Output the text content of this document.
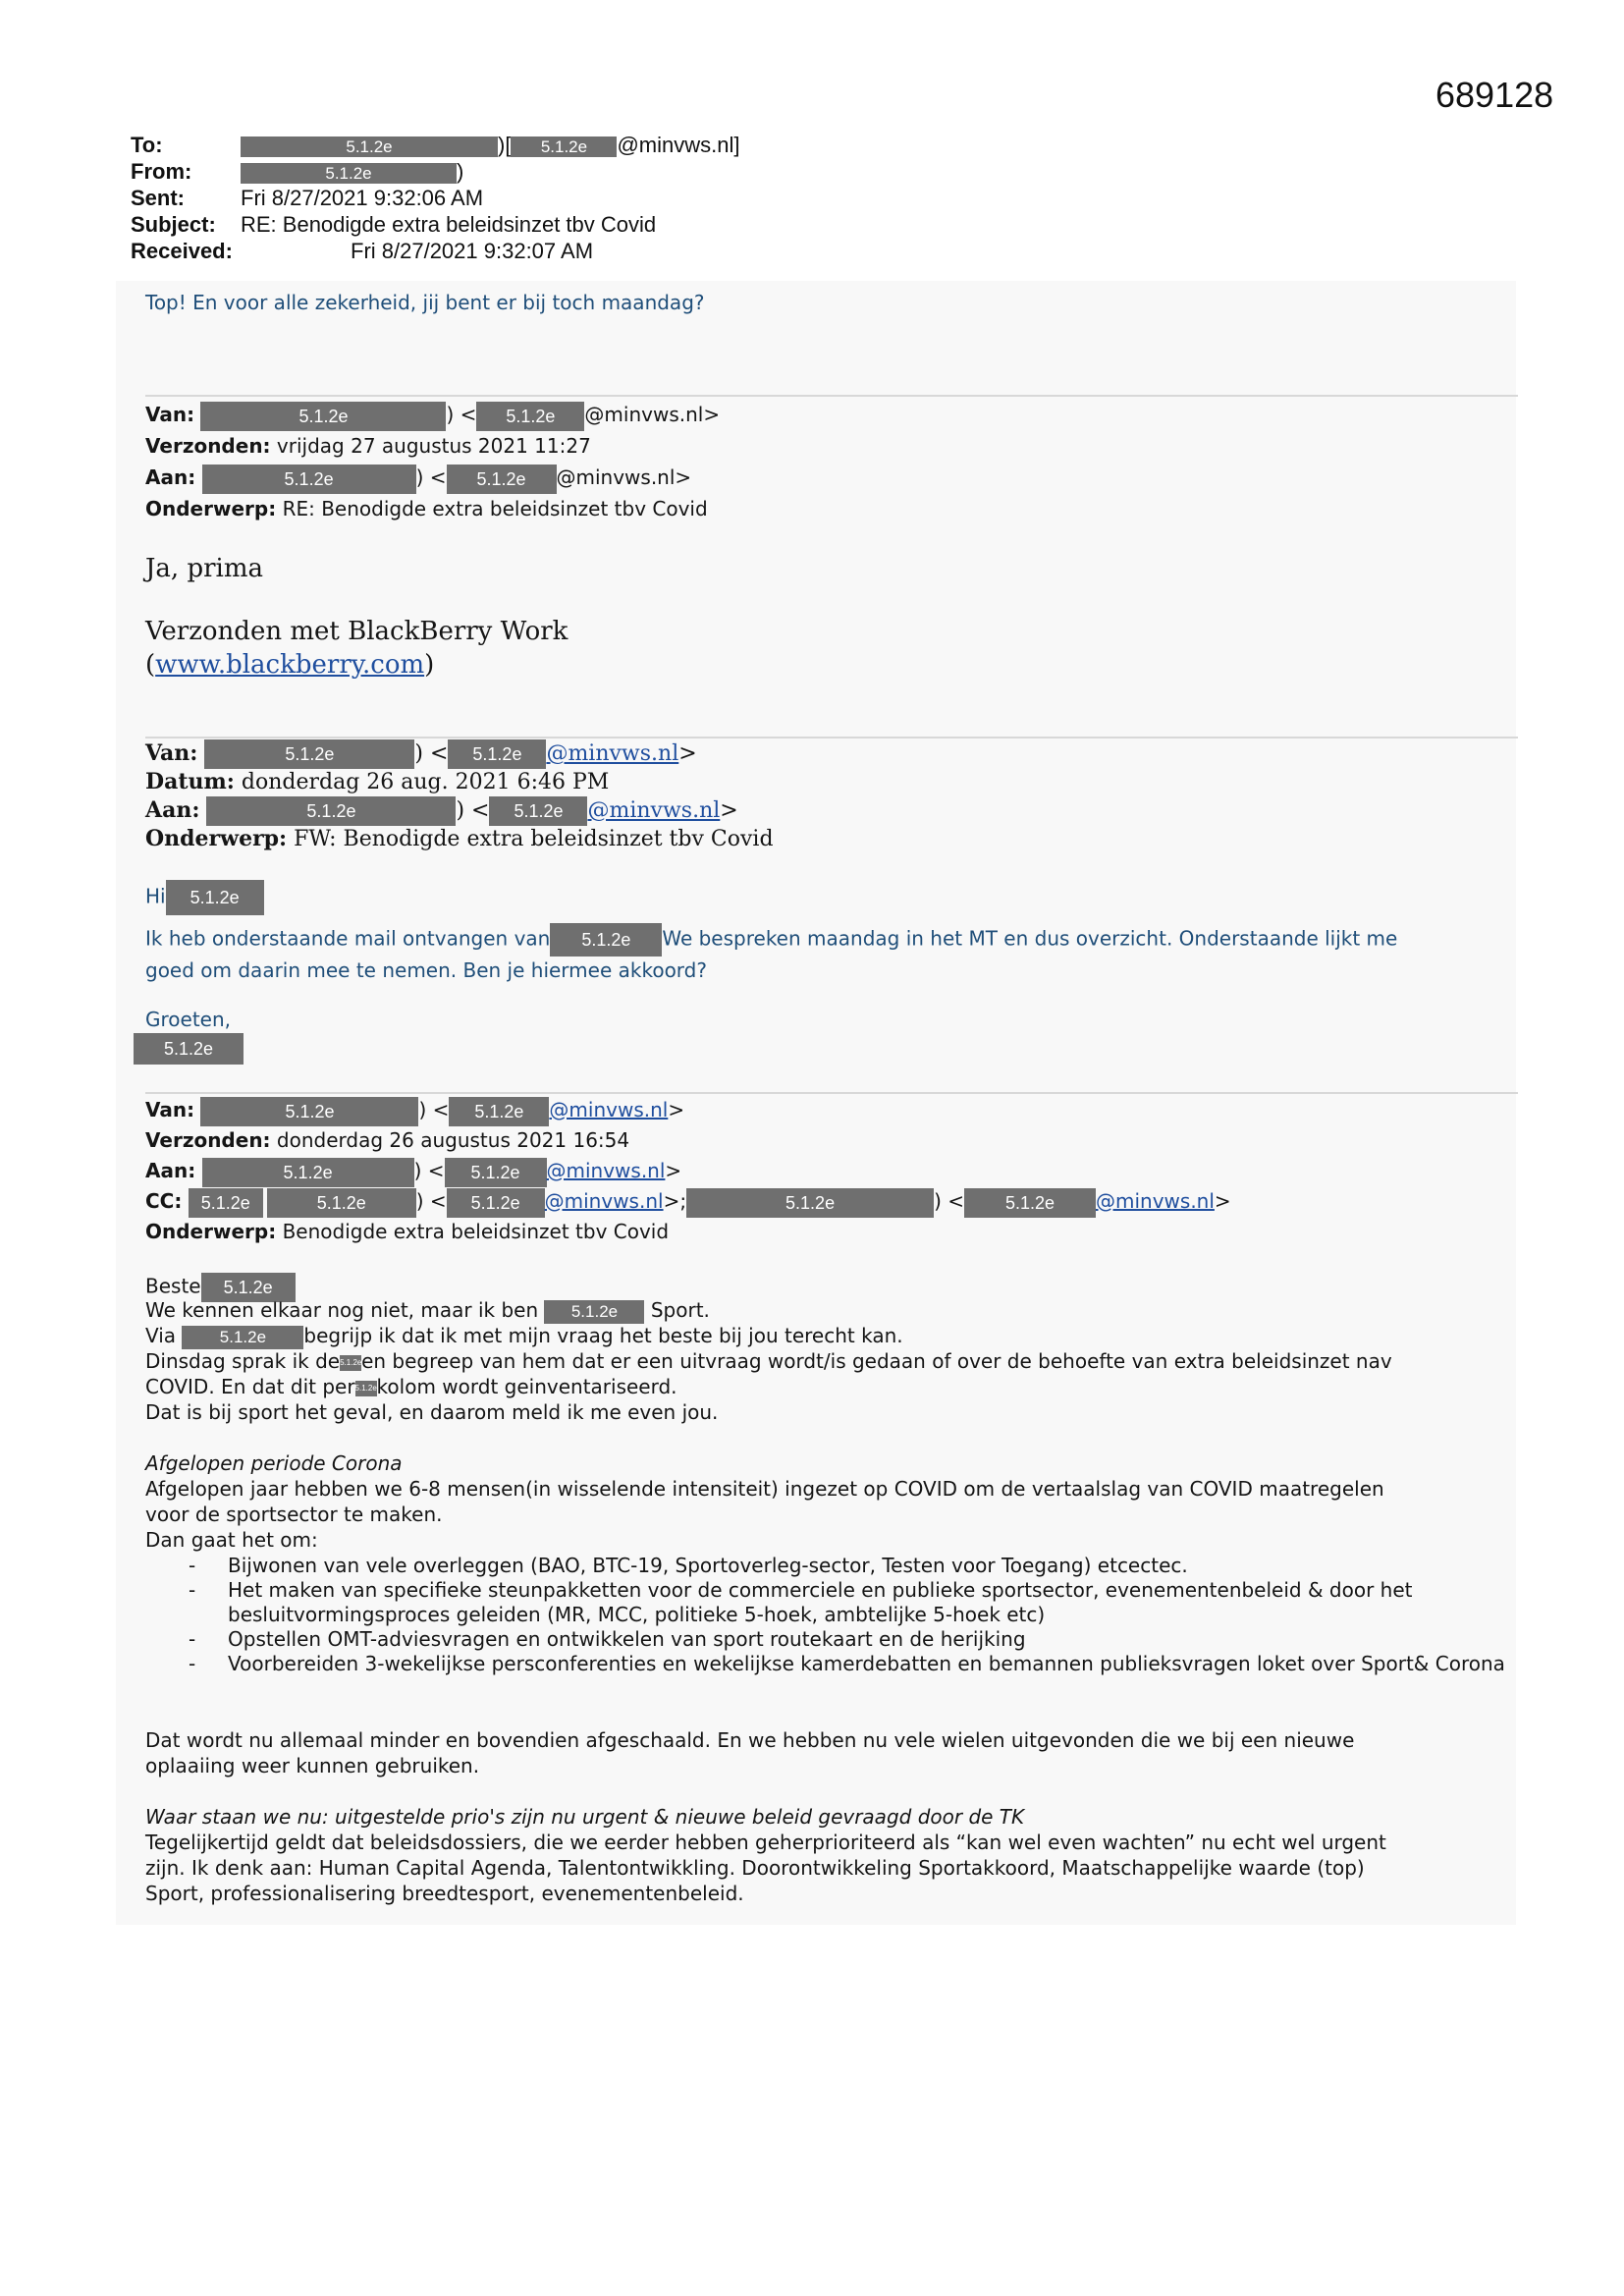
689128
To:	5.1.2e	)[ 5.1.2e @minvws.nl]
From:	5.1.2e	)
Sent:	Fri 8/27/2021 9:32:06 AM
Subject: RE: Benodigde extra beleidsinzet tbv Covid
Received:	Fri 8/27/2021 9:32:07 AM
Top! En voor alle zekerheid, jij bent er bij toch maandag?
Van:	5.1.2e	) < 5.1.2e @minvws.nl>
Verzonden: vrijdag 27 augustus 2021 11:27
Aan:	5.1.2e	) < 5.1.2e @minvws.nl>
Onderwerp: RE: Benodigde extra beleidsinzet tbv Covid
Ja, prima
Verzonden met BlackBerry Work
(www.blackberry.com)
Van:	5.1.2e	) < 5.1.2e @minvws.nl>
Datum: donderdag 26 aug. 2021 6:46 PM
Aan:	5.1.2e	) < 5.1.2e @minvws.nl>
Onderwerp: FW: Benodigde extra beleidsinzet tbv Covid
Hi 5.1.2e
Ik heb onderstaande mail ontvangen van 5.1.2e We bespreken maandag in het MT en dus overzicht. Onderstaande lijkt me
goed om daarin mee te nemen. Ben je hiermee akkoord?
Groeten,
5.1.2e
Van:	5.1.2e	) < 5.1.2e @minvws.nl>
Verzonden: donderdag 26 augustus 2021 16:54
Aan:	5.1.2e	) < 5.1.2e @minvws.nl>
CC: 5.1.2e	5.1.2e	) < 5.1.2e @minvws.nl>;	5.1.2e	) < 5.1.2e @minvws.nl>
Onderwerp: Benodigde extra beleidsinzet tbv Covid
Beste 5.1.2e
We kennen elkaar nog niet, maar ik ben 5.1.2e Sport.
Via	5.1.2e begrijp ik dat ik met mijn vraag het beste bij jou terecht kan.
Dinsdag sprak ik de5.1.2een begreep van hem dat er een uitvraag wordt/is gedaan of over de behoefte van extra beleidsinzet nav
COVID. En dat dit per5.1.2ekolom wordt geinventariseerd.
Dat is bij sport het geval, en daarom meld ik me even jou.
Afgelopen periode Corona
Afgelopen jaar hebben we 6-8 mensen(in wisselende intensiteit) ingezet op COVID om de vertaalslag van COVID maatregelen
voor de sportsector te maken.
Dan gaat het om:
- Bijwonen van vele overleggen (BAO, BTC-19, Sportoverleg-sector, Testen voor Toegang) etcectec.
- Het maken van specifieke steunpakketten voor de commerciele en publieke sportsector, evenementenbeleid & door het besluitvormingsproces geleiden (MR, MCC, politieke 5-hoek, ambtelijke 5-hoek etc)
- Opstellen OMT-adviesvragen en ontwikkelen van sport routekaart en de herijking
- Voorbereiden 3-wekelijkse persconferenties en wekelijkse kamerdebatten en bemannen publieksvragen loket over Sport& Corona
Dat wordt nu allemaal minder en bovendien afgeschaald. En we hebben nu vele wielen uitgevonden die we bij een nieuwe
oplaaiing weer kunnen gebruiken.
Waar staan we nu: uitgestelde prio's zijn nu urgent & nieuwe beleid gevraagd door de TK
Tegelijkertijd geldt dat beleidsdossiers, die we eerder hebben geherprioriteerd als “kan wel even wachten” nu echt wel urgent
zijn. Ik denk aan: Human Capital Agenda, Talentontwikkling. Doorontwikkeling Sportakkoord, Maatschappelijke waarde (top)
Sport, professionalisering breedtesport, evenementenbeleid.
